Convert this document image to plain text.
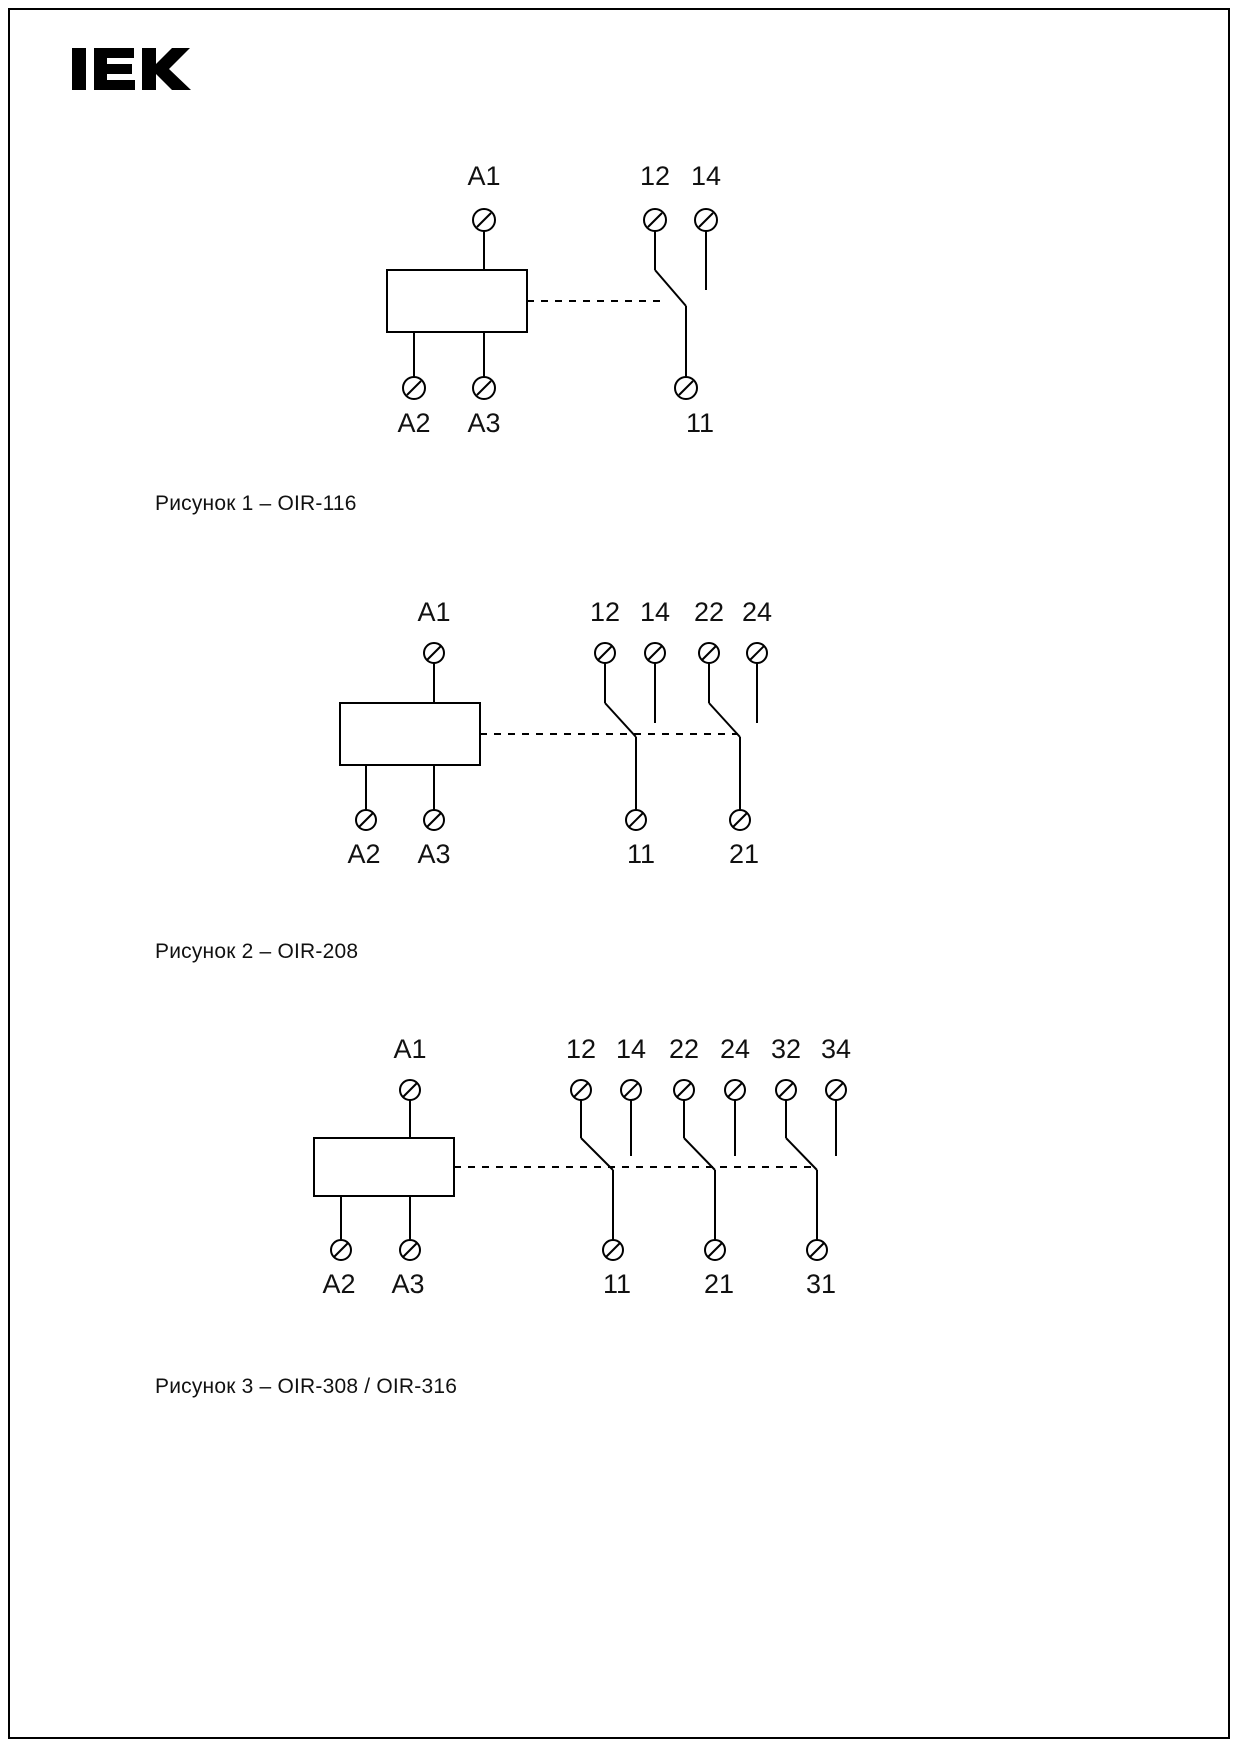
A1	12 14
A2 A3	11
Рисунок 1 – OIR-116
A1	12 14 22 24
A2 A3	11	21
Рисунок 2 – OIR-208
A1	12 14 22 24 32 34
A2 A3	11	21	31
Рисунок 3 – OIR-308 / OIR-316
